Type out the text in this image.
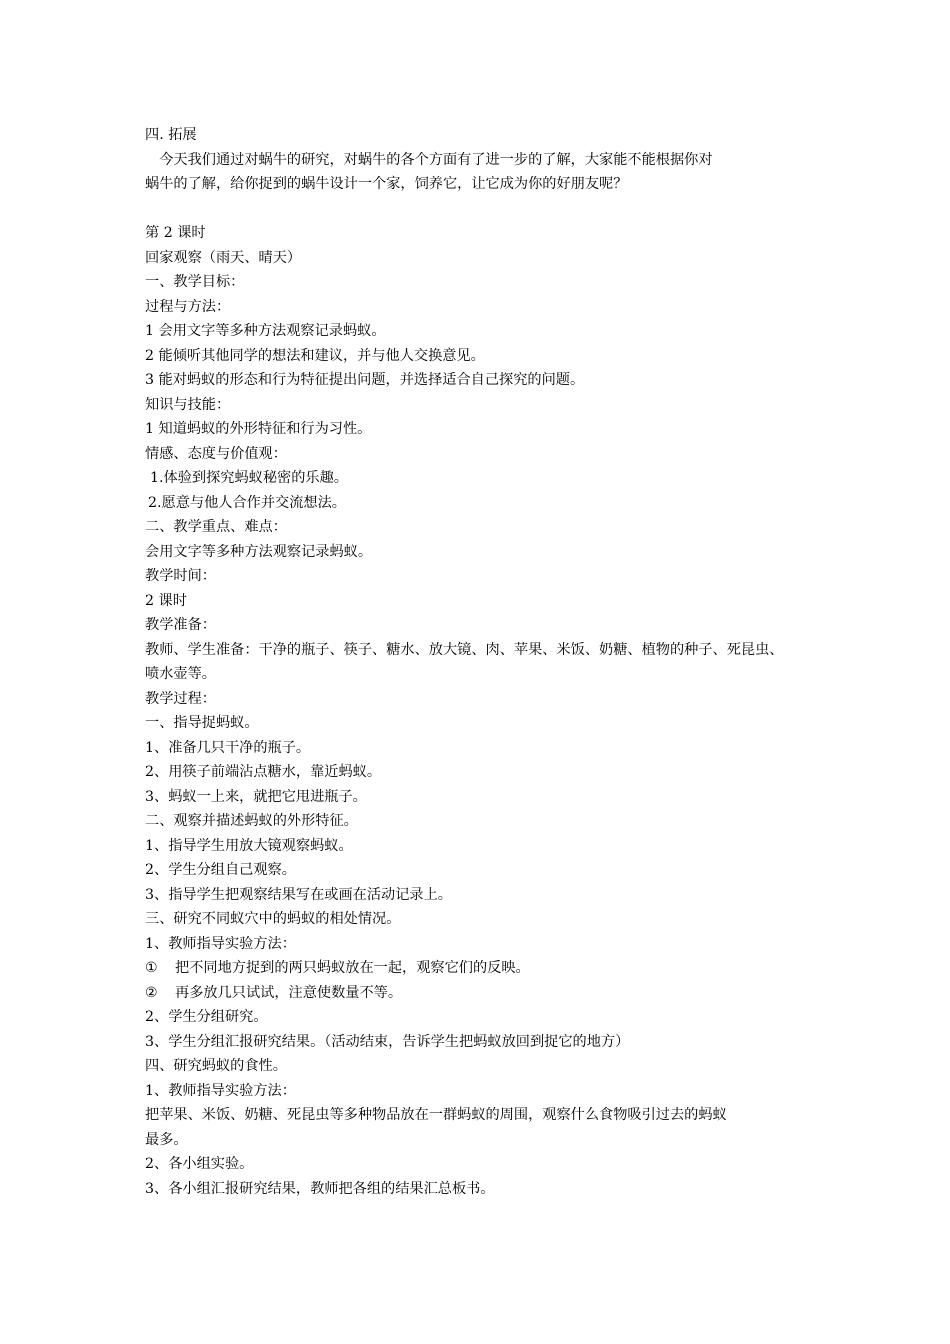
四. 拓展
　今天我们通过对蜗牛的研究，对蜗牛的各个方面有了进一步的了解，大家能不能根据你对
蜗牛的了解，给你捉到的蜗牛设计一个家，饲养它，让它成为你的好朋友呢？
第 2 课时
回家观察（雨天、晴天）
一、教学目标：
过程与方法：
1 会用文字等多种方法观察记录蚂蚁。
2 能倾听其他同学的想法和建议，并与他人交换意见。
3 能对蚂蚁的形态和行为特征提出问题，并选择适合自己探究的问题。
知识与技能：
1 知道蚂蚁的外形特征和行为习性。
情感、态度与价值观：
1.体验到探究蚂蚁秘密的乐趣。
2.愿意与他人合作并交流想法。
二、教学重点、难点：
会用文字等多种方法观察记录蚂蚁。
教学时间：
2 课时
教学准备：
教师、学生准备：干净的瓶子、筷子、糖水、放大镜、肉、苹果、米饭、奶糖、植物的种子、死昆虫、
喷水壶等。
教学过程：
一、指导捉蚂蚁。
1、准备几只干净的瓶子。
2、用筷子前端沾点糖水，靠近蚂蚁。
3、蚂蚁一上来，就把它甩进瓶子。
二、观察并描述蚂蚁的外形特征。
1、指导学生用放大镜观察蚂蚁。
2、学生分组自己观察。
3、指导学生把观察结果写在或画在活动记录上。
三、研究不同蚁穴中的蚂蚁的相处情况。
1、教师指导实验方法：
① 把不同地方捉到的两只蚂蚁放在一起，观察它们的反映。
② 再多放几只试试，注意使数量不等。
2、学生分组研究。
3、学生分组汇报研究结果。（活动结束，告诉学生把蚂蚁放回到捉它的地方）
四、研究蚂蚁的食性。
1、教师指导实验方法：
把苹果、米饭、奶糖、死昆虫等多种物品放在一群蚂蚁的周围，观察什么食物吸引过去的蚂蚁
最多。
2、各小组实验。
3、各小组汇报研究结果，教师把各组的结果汇总板书。
